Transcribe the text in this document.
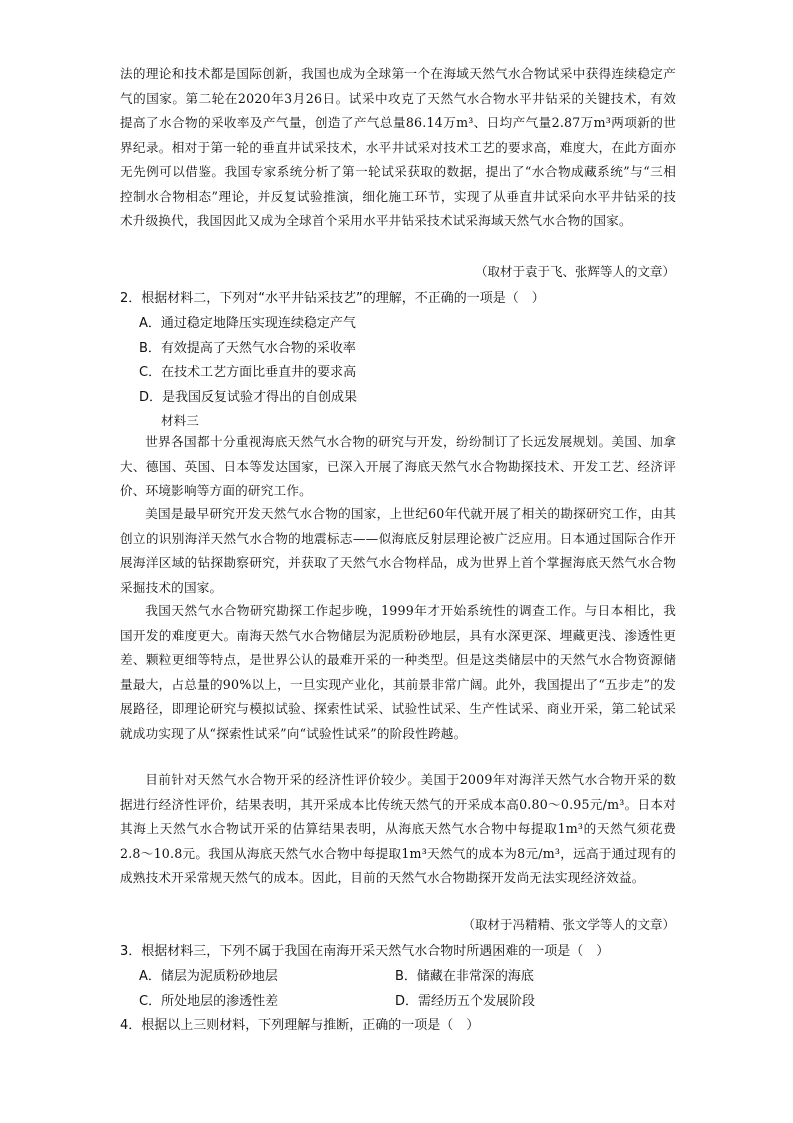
法的理论和技术都是国际创新，我国也成为全球第一个在海域天然气水合物试采中获得连续稳定产气的国家。第二轮在2020年3月26日。试采中攻克了天然气水合物水平井钻采的关键技术，有效提高了水合物的采收率及产气量，创造了产气总量86.14万m³、日均产气量2.87万m³两项新的世界纪录。相对于第一轮的垂直井试采技术，水平井试采对技术工艺的要求高，难度大，在此方面亦无先例可以借鉴。我国专家系统分析了第一轮试采获取的数据，提出了“水合物成藏系统”与“三相控制水合物相态”理论，并反复试验推演，细化施工环节，实现了从垂直井试采向水平井钻采的技术升级换代，我国因此又成为全球首个采用水平井钻采技术试采海域天然气水合物的国家。

（取材于袁于飞、张辉等人的文章）
2．根据材料二，下列对“水平井钻采技艺”的理解，不正确的一项是（　）
A．通过稳定地降压实现连续稳定产气
B．有效提高了天然气水合物的采收率
C．在技术工艺方面比垂直井的要求高
D．是我国反复试验才得出的自创成果
材料三

世界各国都十分重视海底天然气水合物的研究与开发，纷纷制订了长远发展规划。美国、加拿大、德国、英国、日本等发达国家，已深入开展了海底天然气水合物勘探技术、开发工艺、经济评价、环境影响等方面的研究工作。

美国是最早研究开发天然气水合物的国家，上世纪60年代就开展了相关的勘探研究工作，由其创立的识别海洋天然气水合物的地震标志——似海底反射层理论被广泛应用。日本通过国际合作开展海洋区域的钻探勘察研究，并获取了天然气水合物样品，成为世界上首个掌握海底天然气水合物采掘技术的国家。

我国天然气水合物研究勘探工作起步晚，1999年才开始系统性的调查工作。与日本相比，我国开发的难度更大。南海天然气水合物储层为泥质粉砂地层，具有水深更深、埋藏更浅、渗透性更差、颗粒更细等特点，是世界公认的最难开采的一种类型。但是这类储层中的天然气水合物资源储量最大，占总量的90%以上，一旦实现产业化，其前景非常广阔。此外，我国提出了“五步走”的发展路径，即理论研究与模拟试验、探索性试采、试验性试采、生产性试采、商业开采，第二轮试采就成功实现了从“探索性试采”向“试验性试采”的阶段性跨越。

目前针对天然气水合物开采的经济性评价较少。美国于2009年对海洋天然气水合物开采的数据进行经济性评价，结果表明，其开采成本比传统天然气的开采成本高0.80～0.95元/m³。日本对其海上天然气水合物试开采的估算结果表明，从海底天然气水合物中每提取1m³的天然气须花费2.8～10.8元。我国从海底天然气水合物中每提取1m³天然气的成本为8元/m³，远高于通过现有的成熟技术开采常规天然气的成本。因此，目前的天然气水合物勘探开发尚无法实现经济效益。

（取材于冯精精、张文学等人的文章）
3．根据材料三，下列不属于我国在南海开采天然气水合物时所遇困难的一项是（　）
A．储层为泥质粉砂地层	B．储藏在非常深的海底
C．所处地层的渗透性差	D．需经历五个发展阶段
4．根据以上三则材料，下列理解与推断，正确的一项是（　）
